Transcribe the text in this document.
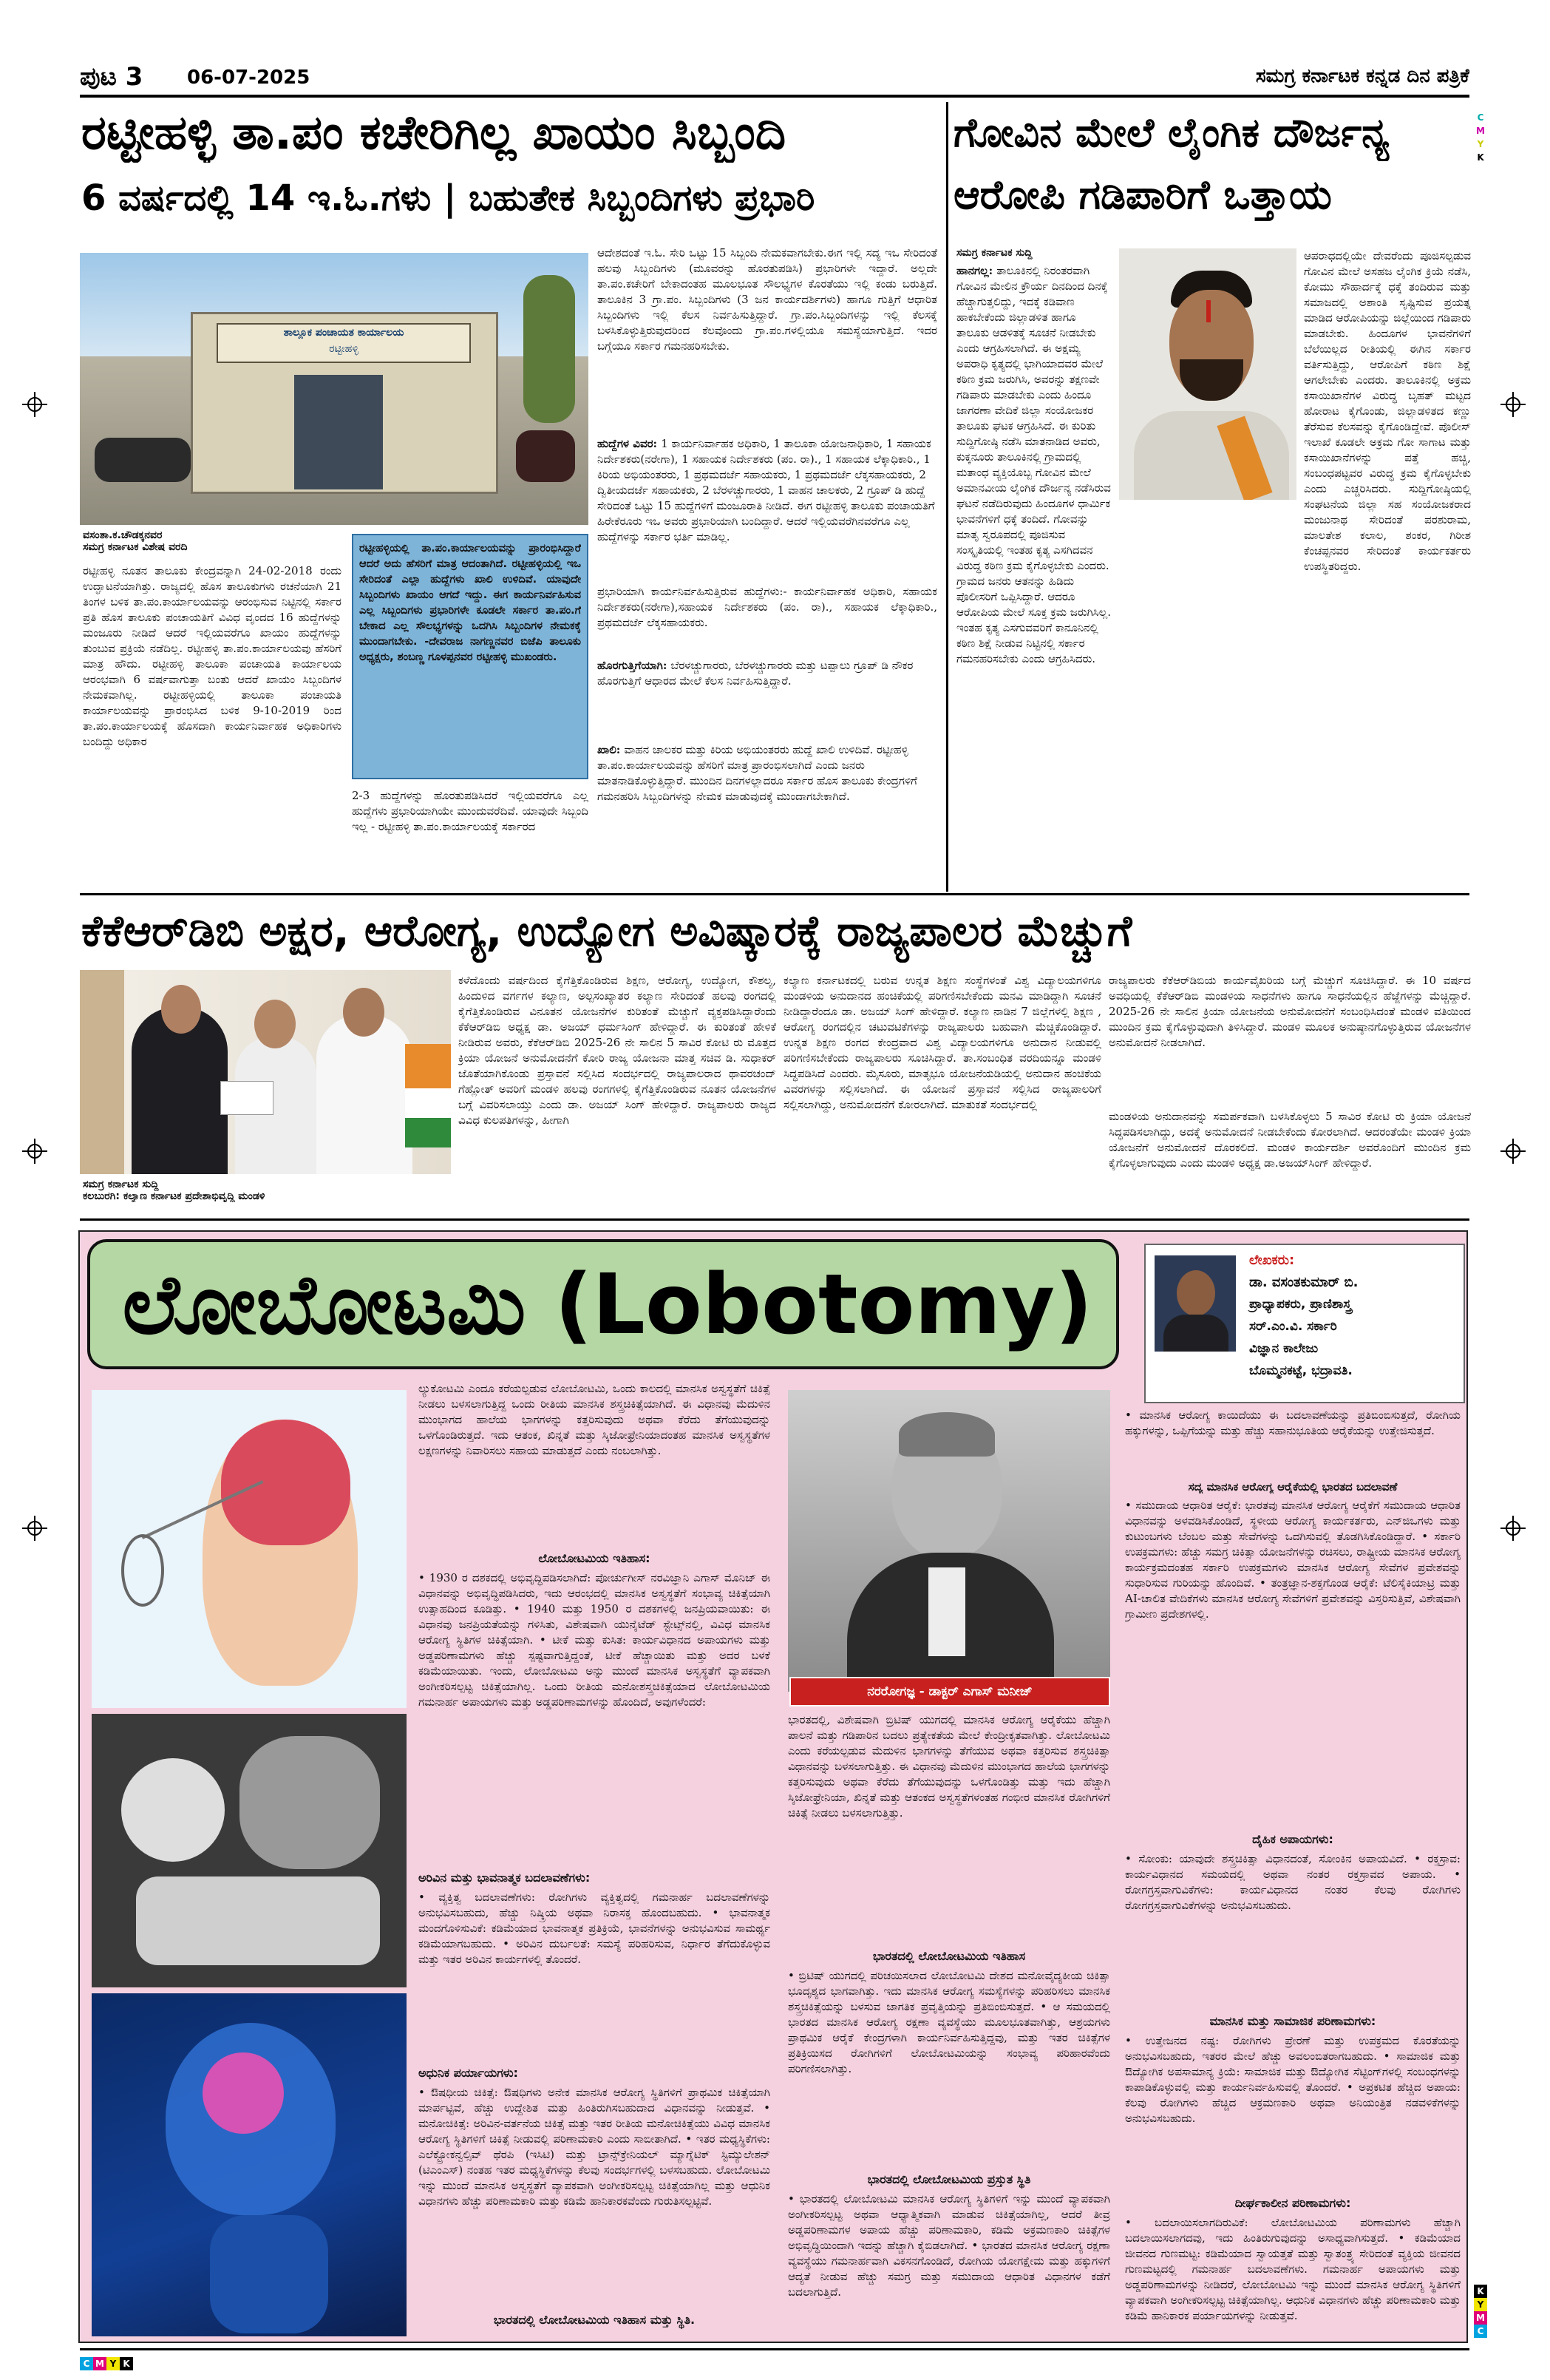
ಪುಟ 3 06-07-2025	ಸಮಗ್ರ ಕರ್ನಾಟಕ ಕನ್ನಡ ದಿನ ಪತ್ರಿಕೆ
C
M
Y
K
ರಟ್ಟೀಹಳ್ಳಿ ತಾ.ಪಂ ಕಚೇರಿಗಿಲ್ಲ ಖಾಯಂ ಸಿಬ್ಬಂದಿ
6 ವರ್ಷದಲ್ಲಿ 14 ಇ.ಓ.ಗಳು | ಬಹುತೇಕ ಸಿಬ್ಬಂದಿಗಳು ಪ್ರಭಾರಿ
ತಾಲ್ಲೂಕ ಪಂಚಾಯತ ಕಾರ್ಯಾಲಯ
ರಟ್ಟೀಹಳ್ಳಿ
ವಸಂತಾ.ಕ.ಚೌಡಕ್ಕನವರ
ಸಮಗ್ರ ಕರ್ನಾಟಕ ವಿಶೇಷ ವರದಿ
ರಟ್ಟೀಹಳ್ಳಿ ನೂತನ ತಾಲೂಕು ಕೇಂದ್ರವನ್ನಾಗಿ 24-02-2018 ರಂದು ಉದ್ಘಾಟನೆಯಾಗಿತ್ತು. ರಾಜ್ಯದಲ್ಲಿ ಹೊಸ ತಾಲೂಕುಗಳು ರಚನೆಯಾಗಿ 21 ತಿಂಗಳ ಬಳಿಕ ತಾ.ಪಂ.ಕಾರ್ಯಾಲಯವನ್ನು ಆರಂಭಿಸುವ ನಿಟ್ಟಿನಲ್ಲಿ ಸರ್ಕಾರ ಪ್ರತಿ ಹೊಸ ತಾಲೂಕು ಪಂಚಾಯತಿಗೆ ವಿವಿಧ ವೃಂದದ 16 ಹುದ್ದೆಗಳನ್ನು ಮಂಜೂರು ನೀಡಿದೆ ಆದರೆ ಇಲ್ಲಿಯವರೆಗೂ ಖಾಯಂ ಹುದ್ದೆಗಳನ್ನು ತುಂಬುವ ಪ್ರಕ್ರಿಯೆ ನಡೆದಿಲ್ಲ. ರಟ್ಟೀಹಳ್ಳಿ ತಾ.ಪಂ.ಕಾರ್ಯಾಲಯವು ಹೆಸರಿಗೆ ಮಾತ್ರ ಹೌದು. ರಟ್ಟೀಹಳ್ಳಿ ತಾಲೂಕಾ ಪಂಚಾಯತಿ ಕಾರ್ಯಾಲಯ ಆರಂಭವಾಗಿ 6 ವರ್ಷವಾಗುತ್ತಾ ಬಂತು ಆದರೆ ಖಾಯಂ ಸಿಬ್ಬಂದಿಗಳ ನೇಮಕವಾಗಿಲ್ಲ. ರಟ್ಟೀಹಳ್ಳಿಯಲ್ಲಿ ತಾಲೂಕಾ ಪಂಚಾಯತಿ ಕಾರ್ಯಾಲಯವನ್ನು ಪ್ರಾರಂಭಿಸಿದ ಬಳಿಕ 9-10-2019 ರಿಂದ ತಾ.ಪಂ.ಕಾರ್ಯಾಲಯಕ್ಕೆ ಹೊಸದಾಗಿ ಕಾರ್ಯನಿರ್ವಾಹಕ ಅಧಿಕಾರಿಗಳು ಬಂದಿದ್ದು ಅಧಿಕಾರ
ರಟ್ಟೀಹಳ್ಳಿಯಲ್ಲಿ ತಾ.ಪಂ.ಕಾರ್ಯಾಲಯವನ್ನು ಪ್ರಾರಂಭಿಸಿದ್ದಾರೆ ಆದರೆ ಅದು ಹೆಸರಿಗೆ ಮಾತ್ರ ಆದಂತಾಗಿದೆ. ರಟ್ಟೀಹಳ್ಳಿಯಲ್ಲಿ ಇಒ ಸೇರಿದಂತೆ ಎಲ್ಲಾ ಹುದ್ದೆಗಳು ಖಾಲಿ ಉಳಿದಿವೆ. ಯಾವುದೇ ಸಿಬ್ಬಂದಿಗಳು ಖಾಯಂ ಆಗದೆ ಇದ್ದು. ಈಗ ಕಾರ್ಯನಿರ್ವಹಿಸುವ ಎಲ್ಲ ಸಿಬ್ಬಂದಿಗಳು ಪ್ರಭಾರಿಗಳೇ ಕೂಡಲೇ ಸರ್ಕಾರ ತಾ.ಪಂ.ಗೆ ಬೇಕಾದ ಎಲ್ಲ ಸೌಲಭ್ಯಗಳನ್ನು ಒದಗಿಸಿ ಸಿಬ್ಬಂದಿಗಳ ನೇಮಕಕ್ಕೆ ಮುಂದಾಗಬೇಕು. -ದೇವರಾಜ ನಾಗಣ್ಣನವರ ಬಿಜೆಪಿ ತಾಲೂಕು ಅಧ್ಯಕ್ಷರು, ಶಂಬಣ್ಣ ಗೂಳಪ್ಪನವರ ರಟ್ಟೀಹಳ್ಳಿ ಮುಖಂಡರು.
2-3 ಹುದ್ದೆಗಳನ್ನು ಹೊರತುಪಡಿಸಿದರೆ ಇಲ್ಲಿಯವರೆಗೂ ಎಲ್ಲ ಹುದ್ದೆಗಳು ಪ್ರಭಾರಿಯಾಗಿಯೇ ಮುಂದುವರೆದಿವೆ. ಯಾವುದೇ ಸಿಬ್ಬಂದಿ ಇಲ್ಲ - ರಟ್ಟೀಹಳ್ಳಿ ತಾ.ಪಂ.ಕಾರ್ಯಾಲಯಕ್ಕೆ ಸರ್ಕಾರದ
ಆದೇಶದಂತೆ ಇ.ಓ. ಸೇರಿ ಒಟ್ಟು 15 ಸಿಬ್ಬಂದಿ ನೇಮಕವಾಗಬೇಕು.ಈಗ ಇಲ್ಲಿ ಸದ್ಯ ಇಒ ಸೇರಿದಂತೆ ಹಲವು ಸಿಬ್ಬಂದಿಗಳು (ಮೂವರನ್ನು ಹೊರತುಪಡಿಸಿ) ಪ್ರಭಾರಿಗಳೇ ಇದ್ದಾರೆ. ಅಲ್ಲದೇ ತಾ.ಪಂ.ಕಚೇರಿಗೆ ಬೇಕಾದಂತಹ ಮೂಲಭೂತ ಸೌಲಭ್ಯಗಳ ಕೊರತೆಯು ಇಲ್ಲಿ ಕಂಡು ಬರುತ್ತಿದೆ. ತಾಲೂಕಿನ 3 ಗ್ರಾ.ಪಂ. ಸಿಬ್ಬಂದಿಗಳು (3 ಜನ ಕಾರ್ಯದರ್ಶಿಗಳು) ಹಾಗೂ ಗುತ್ತಿಗೆ ಆಧಾರಿತ ಸಿಬ್ಬಂದಿಗಳು ಇಲ್ಲಿ ಕೆಲಸ ನಿರ್ವಹಿಸುತ್ತಿದ್ದಾರೆ. ಗ್ರಾ.ಪಂ.ಸಿಬ್ಬಂದಿಗಳನ್ನು ಇಲ್ಲಿ ಕೆಲಸಕ್ಕೆ ಬಳಸಿಕೊಳ್ಳುತ್ತಿರುವುದರಿಂದ ಕೆಲವೊಂದು ಗ್ರಾ.ಪಂ.ಗಳಲ್ಲಿಯೂ ಸಮಸ್ಯೆಯಾಗುತ್ತಿದೆ. ಇದರ ಬಗ್ಗೆಯೂ ಸರ್ಕಾರ ಗಮನಹರಿಸಬೇಕು.
ಹುದ್ದೆಗಳ ವಿವರ: 1 ಕಾರ್ಯನಿರ್ವಾಹಕ ಅಧಿಕಾರಿ, 1 ತಾಲೂಕಾ ಯೋಜನಾಧಿಕಾರಿ, 1 ಸಹಾಯಕ ನಿರ್ದೇಶಕರು(ನರೇಗಾ), 1 ಸಹಾಯಕ ನಿರ್ದೇಶಕರು (ಪಂ. ರಾ)., 1 ಸಹಾಯಕ ಲೆಕ್ಕಾಧಿಕಾರಿ., 1 ಕಿರಿಯ ಅಭಿಯಂತರರು, 1 ಪ್ರಥಮದರ್ಜೆ ಸಹಾಯಕರು, 1 ಪ್ರಥಮದರ್ಜೆ ಲೆಕ್ಕಸಹಾಯಕರು, 2 ದ್ವಿತೀಯದರ್ಜೆ ಸಹಾಯಕರು, 2 ಬೆರಳಚ್ಚುಗಾರರು, 1 ವಾಹನ ಚಾಲಕರು, 2 ಗ್ರೂಪ್ ಡಿ ಹುದ್ದೆ ಸೇರಿದಂತೆ ಒಟ್ಟು 15 ಹುದ್ದೆಗಳಿಗೆ ಮಂಜೂರಾತಿ ನೀಡಿದೆ. ಈಗ ರಟ್ಟೀಹಳ್ಳಿ ತಾಲೂಕು ಪಂಚಾಯತಿಗೆ ಹಿರೇಕೆರೂರು ಇಒ ಅವರು ಪ್ರಭಾರಿಯಾಗಿ ಬಂದಿದ್ದಾರೆ. ಆದರೆ ಇಲ್ಲಿಯವರೆಗಿನವರೆಗೂ ಎಲ್ಲ ಹುದ್ದೆಗಳನ್ನು ಸರ್ಕಾರ ಭರ್ತಿ ಮಾಡಿಲ್ಲ.
ಪ್ರಭಾರಿಯಾಗಿ ಕಾರ್ಯನಿರ್ವಹಿಸುತ್ತಿರುವ ಹುದ್ದೆಗಳು:- ಕಾರ್ಯನಿರ್ವಾಹಕ ಅಧಿಕಾರಿ, ಸಹಾಯಕ ನಿರ್ದೇಶಕರು(ನರೇಗಾ),ಸಹಾಯಕ ನಿರ್ದೇಶಕರು (ಪಂ. ರಾ)., ಸಹಾಯಕ ಲೆಕ್ಕಾಧಿಕಾರಿ., ಪ್ರಥಮದರ್ಜೆ ಲೆಕ್ಕಸಹಾಯಕರು.
ಹೊರಗುತ್ತಿಗೆಯಾಗಿ: ಬೆರಳಚ್ಚುಗಾರರು, ಬೆರಳಚ್ಚುಗಾರರು ಮತ್ತು ಟಪ್ಪಾಲು ಗ್ರೂಪ್ ಡಿ ನೌಕರ ಹೊರಗುತ್ತಿಗೆ ಆಧಾರದ ಮೇಲೆ ಕೆಲಸ ನಿರ್ವಹಿಸುತ್ತಿದ್ದಾರೆ.
ಖಾಲಿ: ವಾಹನ ಚಾಲಕರ ಮತ್ತು ಕಿರಿಯ ಅಭಿಯಂತರರು ಹುದ್ದೆ ಖಾಲಿ ಉಳಿದಿವೆ. ರಟ್ಟೀಹಳ್ಳಿ ತಾ.ಪಂ.ಕಾರ್ಯಾಲಯವನ್ನು ಹೆಸರಿಗೆ ಮಾತ್ರ ಪ್ರಾರಂಭಿಸಲಾಗಿದೆ ಎಂದು ಜನರು ಮಾತನಾಡಿಕೊಳ್ಳುತ್ತಿದ್ದಾರೆ. ಮುಂದಿನ ದಿನಗಳಲ್ಲಾದರೂ ಸರ್ಕಾರ ಹೊಸ ತಾಲೂಕು ಕೇಂದ್ರಗಳಿಗೆ ಗಮನಹರಿಸಿ ಸಿಬ್ಬಂದಿಗಳನ್ನು ನೇಮಕ ಮಾಡುವುದಕ್ಕೆ ಮುಂದಾಗಬೇಕಾಗಿದೆ.
ಗೋವಿನ ಮೇಲೆ ಲೈಂಗಿಕ ದೌರ್ಜನ್ಯ
ಆರೋಪಿ ಗಡಿಪಾರಿಗೆ ಒತ್ತಾಯ
ಸಮಗ್ರ ಕರ್ನಾಟಕ ಸುದ್ದಿ
ಹಾನಗಲ್ಲ: ತಾಲೂಕಿನಲ್ಲಿ ನಿರಂತರವಾಗಿ ಗೋವಿನ ಮೇಲಿನ ಕ್ರೌರ್ಯ ದಿನದಿಂದ ದಿನಕ್ಕೆ ಹೆಚ್ಚಾಗುತ್ತಲಿದ್ದು, ಇದಕ್ಕೆ ಕಡಿವಾಣ ಹಾಕಬೇಕೆಂದು ಜಿಲ್ಲಾಡಳಿತ ಹಾಗೂ ತಾಲೂಕು ಆಡಳಿತಕ್ಕೆ ಸೂಚನೆ ನೀಡಬೇಕು ಎಂದು ಆಗ್ರಹಿಸಲಾಗಿದೆ. ಈ ಅಕ್ಷಮ್ಯ ಅಪರಾಧಿ ಕೃತ್ಯದಲ್ಲಿ ಭಾಗಿಯಾದವರ ಮೇಲೆ ಕಠಿಣ ಕ್ರಮ ಜರುಗಿಸಿ, ಅವರನ್ನು ತಕ್ಷಣವೇ ಗಡಿಪಾರು ಮಾಡಬೇಕು ಎಂದು ಹಿಂದೂ ಜಾಗರಣಾ ವೇದಿಕೆ ಜಿಲ್ಲಾ ಸಂಯೋಜಕರ ತಾಲೂಕು ಘಟಕ ಆಗ್ರಹಿಸಿದೆ. ಈ ಕುರಿತು ಸುದ್ದಿಗೋಷ್ಠಿ ನಡೆಸಿ ಮಾತನಾಡಿದ ಅವರು, ಕುಕ್ಕನೂರು ತಾಲೂಕಿನಲ್ಲಿ ಗ್ರಾಮದಲ್ಲಿ ಮತಾಂಧ ವ್ಯಕ್ತಿಯೊಬ್ಬ ಗೋವಿನ ಮೇಲೆ ಅಮಾನವೀಯ ಲೈಂಗಿಕ ದೌರ್ಜನ್ಯ ನಡೆಸಿರುವ ಘಟನೆ ನಡೆದಿರುವುದು ಹಿಂದೂಗಳ ಧಾರ್ಮಿಕ ಭಾವನೆಗಳಿಗೆ ಧಕ್ಕೆ ತಂದಿದೆ. ಗೋವನ್ನು ಮಾತೃ ಸ್ವರೂಪದಲ್ಲಿ ಪೂಜಿಸುವ ಸಂಸ್ಕೃತಿಯಲ್ಲಿ ಇಂತಹ ಕೃತ್ಯ ಎಸಗಿದವನ ವಿರುದ್ಧ ಕಠಿಣ ಕ್ರಮ ಕೈಗೊಳ್ಳಬೇಕು ಎಂದರು. ಗ್ರಾಮದ ಜನರು ಆತನನ್ನು ಹಿಡಿದು ಪೊಲೀಸರಿಗೆ ಒಪ್ಪಿಸಿದ್ದಾರೆ. ಆದರೂ ಆರೋಪಿಯ ಮೇಲೆ ಸೂಕ್ತ ಕ್ರಮ ಜರುಗಿಸಿಲ್ಲ. ಇಂತಹ ಕೃತ್ಯ ಎಸಗುವವರಿಗೆ ಕಾನೂನಿನಲ್ಲಿ ಕಠಿಣ ಶಿಕ್ಷೆ ನೀಡುವ ನಿಟ್ಟಿನಲ್ಲಿ ಸರ್ಕಾರ ಗಮನಹರಿಸಬೇಕು ಎಂದು ಆಗ್ರಹಿಸಿದರು.
ಆಪರಾಧದಲ್ಲಿಯೇ ದೇವರೆಂದು ಪೂಜಿಸಲ್ಪಡುವ ಗೋವಿನ ಮೇಲೆ ಅಸಹಜ ಲೈಂಗಿಕ ಕ್ರಿಯೆ ನಡೆಸಿ, ಕೋಮು ಸೌಹಾರ್ದಕ್ಕೆ ಧಕ್ಕೆ ತಂದಿರುವ ಮತ್ತು ಸಮಾಜದಲ್ಲಿ ಅಶಾಂತಿ ಸೃಷ್ಟಿಸುವ ಪ್ರಯತ್ನ ಮಾಡಿದ ಆರೋಪಿಯನ್ನು ಜಿಲ್ಲೆಯಿಂದ ಗಡಿಪಾರು ಮಾಡಬೇಕು. ಹಿಂದೂಗಳ ಭಾವನೆಗಳಿಗೆ ಬೆಲೆಯಿಲ್ಲದ ರೀತಿಯಲ್ಲಿ ಈಗಿನ ಸರ್ಕಾರ ವರ್ತಿಸುತ್ತಿದ್ದು, ಆರೋಪಿಗೆ ಕಠಿಣ ಶಿಕ್ಷೆ ಆಗಲೇಬೇಕು ಎಂದರು. ತಾಲೂಕಿನಲ್ಲಿ ಅಕ್ರಮ ಕಸಾಯಿಖಾನೆಗಳ ವಿರುದ್ಧ ಬೃಹತ್ ಮಟ್ಟದ ಹೋರಾಟ ಕೈಗೊಂಡು, ಜಿಲ್ಲಾಡಳಿತದ ಕಣ್ಣು ತೆರೆಸುವ ಕೆಲಸವನ್ನು ಕೈಗೊಂಡಿದ್ದೇವೆ. ಪೊಲೀಸ್ ಇಲಾಖೆ ಕೂಡಲೇ ಅಕ್ರಮ ಗೋ ಸಾಗಾಟ ಮತ್ತು ಕಸಾಯಿಖಾನೆಗಳನ್ನು ಪತ್ತೆ ಹಚ್ಚಿ, ಸಂಬಂಧಪಟ್ಟವರ ವಿರುದ್ಧ ಕ್ರಮ ಕೈಗೊಳ್ಳಬೇಕು ಎಂದು ಎಚ್ಚರಿಸಿದರು. ಸುದ್ದಿಗೋಷ್ಠಿಯಲ್ಲಿ ಸಂಘಟನೆಯ ಜಿಲ್ಲಾ ಸಹ ಸಂಯೋಜಕರಾದ ಮಂಜುನಾಥ ಸೇರಿದಂತೆ ಪರಶುರಾಮ, ಮಾಲತೇಶ ಕಲಾಲ, ಶಂಕರ, ಗಿರೀಶ ಕೆಂಚಪ್ಪನವರ ಸೇರಿದಂತೆ ಕಾರ್ಯಕರ್ತರು ಉಪಸ್ಥಿತರಿದ್ದರು.
ಕೆಕೆಆರ್‌ಡಿಬಿ ಅಕ್ಷರ, ಆರೋಗ್ಯ, ಉದ್ಯೋಗ ಅವಿಷ್ಕಾರಕ್ಕೆ ರಾಜ್ಯಪಾಲರ ಮೆಚ್ಚುಗೆ
ಸಮಗ್ರ ಕರ್ನಾಟಕ ಸುದ್ದಿ
ಕಲಬುರಗಿ: ಕಲ್ಯಾಣ ಕರ್ನಾಟಕ ಪ್ರದೇಶಾಭಿವೃದ್ಧಿ ಮಂಡಳಿ
ಕಳೆದೊಂದು ವರ್ಷದಿಂದ ಕೈಗೆತ್ತಿಕೊಂಡಿರುವ ಶಿಕ್ಷಣ, ಆರೋಗ್ಯ, ಉದ್ಯೋಗ, ಕೌಶಲ್ಯ, ಹಿಂದುಳಿದ ವರ್ಗಗಳ ಕಲ್ಯಾಣ, ಅಲ್ಪಸಂಖ್ಯಾತರ ಕಲ್ಯಾಣ ಸೇರಿದಂತೆ ಹಲವು ರಂಗದಲ್ಲಿ ಕೈಗೆತ್ತಿಕೊಂಡಿರುವ ವಿನೂತನ ಯೋಜನೆಗಳ ಕುರಿತಂತೆ ಮೆಚ್ಚುಗೆ ವ್ಯಕ್ತಪಡಿಸಿದ್ದಾರೆಂದು ಕೆಕೆಆರ್‌ಡಿಬಿ ಅಧ್ಯಕ್ಷ ಡಾ. ಅಜಯ್ ಧರ್ಮಸಿಂಗ್ ಹೇಳಿದ್ದಾರೆ. ಈ ಕುರಿತಂತೆ ಹೇಳಿಕೆ ನೀಡಿರುವ ಅವರು, ಕೆಕೆಆರ್‌ಡಿಬಿ 2025-26 ನೇ ಸಾಲಿನ 5 ಸಾವಿರ ಕೋಟಿ ರು ಮೊತ್ತದ ಕ್ರಿಯಾ ಯೋಜನೆ ಅನುಮೋದನೆಗೆ ಕೋರಿ ರಾಜ್ಯ ಯೋಜನಾ ಮಾತ್ತ ಸಚಿವ ಡಿ. ಸುಧಾಕರ್ ಜೊತೆಯಾಗಿಕೊಂಡು ಪ್ರಸ್ತಾವನೆ ಸಲ್ಲಿಸಿದ ಸಂದರ್ಭದಲ್ಲಿ ರಾಜ್ಯಪಾಲರಾದ ಥಾವರಚಂದ್ ಗೆಹ್ಲೋತ್ ಅವರಿಗೆ ಮಂಡಳಿ ಹಲವು ರಂಗಗಳಲ್ಲಿ ಕೈಗೆತ್ತಿಕೊಂಡಿರುವ ನೂತನ ಯೋಜನೆಗಳ ಬಗ್ಗೆ ವಿವರಿಸಲಾಯ್ತು ಎಂದು ಡಾ. ಅಜಯ್ ಸಿಂಗ್ ಹೇಳಿದ್ದಾರೆ. ರಾಜ್ಯಪಾಲರು ರಾಜ್ಯದ ವಿವಿಧ ಕುಲಪತಿಗಳನ್ನು, ಹೀಗಾಗಿ
ಕಲ್ಯಾಣ ಕರ್ನಾಟಕದಲ್ಲಿ ಬರುವ ಉನ್ನತ ಶಿಕ್ಷಣ ಸಂಸ್ಥೆಗಳಂತೆ ವಿಶ್ವ ವಿದ್ಯಾಲಯಗಳಿಗೂ ಮಂಡಳಿಯ ಅನುದಾನದ ಹಂಚಿಕೆಯಲ್ಲಿ ಪರಿಗಣಿಸಬೇಕೆಂದು ಮನವಿ ಮಾಡಿದ್ದಾಗಿ ಸೂಚನೆ ನೀಡಿದ್ದಾರೆಂದೂ ಡಾ. ಅಜಯ್ ಸಿಂಗ್ ಹೇಳಿದ್ದಾರೆ. ಕಲ್ಯಾಣ ನಾಡಿನ 7 ಜಿಲ್ಲೆಗಳಲ್ಲಿ ಶಿಕ್ಷಣ , ಆರೋಗ್ಯ ರಂಗದಲ್ಲಿನ ಚಟುವಟಿಕೆಗಳನ್ನು ರಾಜ್ಯಪಾಲರು ಬಹುವಾಗಿ ಮೆಚ್ಚಿಕೊಂಡಿದ್ದಾರೆ. ಉನ್ನತ ಶಿಕ್ಷಣ ರಂಗದ ಕೇಂದ್ರವಾದ ವಿಶ್ವ ವಿದ್ಯಾಲಯಗಳಿಗೂ ಅನುದಾನ ನೀಡುವಲ್ಲಿ ಪರಿಗಣಿಸಬೇಕೆಂದು ರಾಜ್ಯಪಾಲರು ಸೂಚಿಸಿದ್ದಾರೆ. ತಾ.ಸಂಬಂಧಿತ ವರದಿಯನ್ನೂ ಮಂಡಳಿ ಸಿದ್ಧಪಡಿಸಿದೆ ಎಂದರು. ಮೈಸೂರು, ಮಾತೃಭೂ ಯೋಜನೆಯಡಿಯಲ್ಲಿ ಅನುದಾನ ಹಂಚಿಕೆಯ ವಿವರಗಳನ್ನು ಸಲ್ಲಿಸಲಾಗಿದೆ. ಈ ಯೋಜನೆ ಪ್ರಸ್ತಾವನೆ ಸಲ್ಲಿಸಿದ ರಾಜ್ಯಪಾಲರಿಗೆ ಸಲ್ಲಿಸಲಾಗಿದ್ದು, ಅನುಮೋದನೆಗೆ ಕೋರಲಾಗಿದೆ. ಮಾತುಕತೆ ಸಂದರ್ಭದಲ್ಲಿ
ರಾಜ್ಯಪಾಲರು ಕೆಕೆಆರ್‌ಡಿಬಿಯ ಕಾರ್ಯವೈಖರಿಯ ಬಗ್ಗೆ ಮೆಚ್ಚುಗೆ ಸೂಚಿಸಿದ್ದಾರೆ. ಈ 10 ವರ್ಷದ ಅವಧಿಯಲ್ಲಿ ಕೆಕೆಆರ್‌ಡಿಬಿ ಮಂಡಳಿಯ ಸಾಧನೆಗಳು ಹಾಗೂ ಸಾಧನೆಯಲ್ಲಿನ ಹೆಜ್ಜೆಗಳನ್ನು ಮೆಚ್ಚಿದ್ದಾರೆ. 2025-26 ನೇ ಸಾಲಿನ ಕ್ರಿಯಾ ಯೋಜನೆಯ ಅನುಮೋದನೆಗೆ ಸಂಬಂಧಿಸಿದಂತೆ ಮಂಡಳಿ ವತಿಯಿಂದ ಮುಂದಿನ ಕ್ರಮ ಕೈಗೊಳ್ಳುವುದಾಗಿ ತಿಳಿಸಿದ್ದಾರೆ. ಮಂಡಳಿ ಮೂಲಕ ಅನುಷ್ಠಾನಗೊಳ್ಳುತ್ತಿರುವ ಯೋಜನೆಗಳ ಅನುಮೋದನೆ ನೀಡಲಾಗಿದೆ.
ಮಂಡಳಿಯ ಅನುದಾನವನ್ನು ಸಮರ್ಪಕವಾಗಿ ಬಳಸಿಕೊಳ್ಳಲು 5 ಸಾವಿರ ಕೋಟಿ ರು ಕ್ರಿಯಾ ಯೋಜನೆ ಸಿದ್ಧಪಡಿಸಲಾಗಿದ್ದು, ಅದಕ್ಕೆ ಅನುಮೋದನೆ ನೀಡಬೇಕೆಂದು ಕೋರಲಾಗಿದೆ. ಆದರಂತೆಯೇ ಮಂಡಳಿ ಕ್ರಿಯಾ ಯೋಜನೆಗೆ ಅನುಮೋದನೆ ದೊರಕಲಿದೆ. ಮಂಡಳಿ ಕಾರ್ಯದರ್ಶಿ ಅವರೊಂದಿಗೆ ಮುಂದಿನ ಕ್ರಮ ಕೈಗೊಳ್ಳಲಾಗುವುದು ಎಂದು ಮಂಡಳಿ ಅಧ್ಯಕ್ಷ ಡಾ.ಅಜಯ್‌ಸಿಂಗ್ ಹೇಳಿದ್ದಾರೆ.
ಲೋಬೋಟಮಿ (Lobotomy)	ಲೇಖಕರು:
ಡಾ. ವಸಂತಕುಮಾರ್ ಬಿ.
ಪ್ರಾಧ್ಯಾಪಕರು, ಪ್ರಾಣಿಶಾಸ್ತ್ರ
ಸರ್.ಎಂ.ವಿ. ಸರ್ಕಾರಿ
ವಿಜ್ಞಾನ ಕಾಲೇಜು
ಬೊಮ್ಮನಕಟ್ಟೆ, ಭದ್ರಾವತಿ.
ಲ್ಯುಕೋಟಮಿ ಎಂದೂ ಕರೆಯಲ್ಪಡುವ ಲೋಬೋಟಮಿ, ಒಂದು ಕಾಲದಲ್ಲಿ ಮಾನಸಿಕ ಅಸ್ವಸ್ಥತೆಗೆ ಚಿಕಿತ್ಸೆ ನೀಡಲು ಬಳಸಲಾಗುತ್ತಿದ್ದ ಒಂದು ರೀತಿಯ ಮಾನಸಿಕ ಶಸ್ತ್ರಚಿಕಿತ್ಸೆಯಾಗಿದೆ. ಈ ವಿಧಾನವು ಮೆದುಳಿನ ಮುಂಭಾಗದ ಹಾಲೆಯ ಭಾಗಗಳನ್ನು ಕತ್ತರಿಸುವುದು ಅಥವಾ ಕೆರೆದು ತೆಗೆಯುವುದನ್ನು ಒಳಗೊಂಡಿರುತ್ತದೆ. ಇದು ಆತಂಕ, ಖಿನ್ನತೆ ಮತ್ತು ಸ್ಕಿಜೋಫ್ರೇನಿಯಾದಂತಹ ಮಾನಸಿಕ ಅಸ್ವಸ್ಥತೆಗಳ ಲಕ್ಷಣಗಳನ್ನು ನಿವಾರಿಸಲು ಸಹಾಯ ಮಾಡುತ್ತದೆ ಎಂದು ನಂಬಲಾಗಿತ್ತು.
ಲೋಬೋಟಮಿಯ ಇತಿಹಾಸ:
• 1930 ರ ದಶಕದಲ್ಲಿ ಅಭಿವೃದ್ಧಿಪಡಿಸಲಾಗಿದೆ: ಪೋರ್ಚುಗೀಸ್ ನರವಿಜ್ಞಾನಿ ಎಗಾಸ್ ಮೊನಿಜ್ ಈ ವಿಧಾನವನ್ನು ಅಭಿವೃದ್ಧಿಪಡಿಸಿದರು, ಇದು ಆರಂಭದಲ್ಲಿ ಮಾನಸಿಕ ಅಸ್ವಸ್ಥತೆಗೆ ಸಂಭಾವ್ಯ ಚಿಕಿತ್ಸೆಯಾಗಿ ಉತ್ಸಾಹದಿಂದ ಕೂಡಿತ್ತು. • 1940 ಮತ್ತು 1950 ರ ದಶಕಗಳಲ್ಲಿ ಜನಪ್ರಿಯವಾಯಿತು: ಈ ವಿಧಾನವು ಜನಪ್ರಿಯತೆಯನ್ನು ಗಳಿಸಿತು, ವಿಶೇಷವಾಗಿ ಯುನೈಟೆಡ್ ಸ್ಟೇಟ್ಸ್‌ನಲ್ಲಿ, ವಿವಿಧ ಮಾನಸಿಕ ಆರೋಗ್ಯ ಸ್ಥಿತಿಗಳ ಚಿಕಿತ್ಸೆಯಾಗಿ. • ಟೀಕೆ ಮತ್ತು ಕುಸಿತ: ಕಾರ್ಯವಿಧಾನದ ಅಪಾಯಗಳು ಮತ್ತು ಅಡ್ಡಪರಿಣಾಮಗಳು ಹೆಚ್ಚು ಸ್ಪಷ್ಟವಾಗುತ್ತಿದ್ದಂತೆ, ಟೀಕೆ ಹೆಚ್ಚಾಯಿತು ಮತ್ತು ಅದರ ಬಳಕೆ ಕಡಿಮೆಯಾಯಿತು. ಇಂದು, ಲೋಬೋಟಮಿ ಅನ್ನು ಮುಂದೆ ಮಾನಸಿಕ ಅಸ್ವಸ್ಥತೆಗೆ ವ್ಯಾಪಕವಾಗಿ ಅಂಗೀಕರಿಸಲ್ಪಟ್ಟ ಚಿಕಿತ್ಸೆಯಾಗಿಲ್ಲ. ಒಂದು ರೀತಿಯ ಮನೋಶಸ್ತ್ರಚಿಕಿತ್ಸೆಯಾದ ಲೋಬೋಟಮಿಯ ಗಮನಾರ್ಹ ಅಪಾಯಗಳು ಮತ್ತು ಅಡ್ಡಪರಿಣಾಮಗಳನ್ನು ಹೊಂದಿದೆ, ಅವುಗಳೆಂದರೆ:
ಅರಿವಿನ ಮತ್ತು ಭಾವನಾತ್ಮಕ ಬದಲಾವಣೆಗಳು:
• ವ್ಯಕ್ತಿತ್ವ ಬದಲಾವಣೆಗಳು: ರೋಗಿಗಳು ವ್ಯಕ್ತಿತ್ವದಲ್ಲಿ ಗಮನಾರ್ಹ ಬದಲಾವಣೆಗಳನ್ನು ಅನುಭವಿಸಬಹುದು, ಹೆಚ್ಚು ನಿಷ್ಕ್ರಿಯ ಅಥವಾ ನಿರಾಸಕ್ತ ಹೊಂದಬಹುದು. • ಭಾವನಾತ್ಮಕ ಮಂದಗೊಳಿಸುವಿಕೆ: ಕಡಿಮೆಯಾದ ಭಾವನಾತ್ಮಕ ಪ್ರತಿಕ್ರಿಯೆ, ಭಾವನೆಗಳನ್ನು ಅನುಭವಿಸುವ ಸಾಮರ್ಥ್ಯ ಕಡಿಮೆಯಾಗಬಹುದು. • ಅರಿವಿನ ದುರ್ಬಲತೆ: ಸಮಸ್ಯೆ ಪರಿಹರಿಸುವ, ನಿರ್ಧಾರ ತೆಗೆದುಕೊಳ್ಳುವ ಮತ್ತು ಇತರ ಅರಿವಿನ ಕಾರ್ಯಗಳಲ್ಲಿ ತೊಂದರೆ.
ಅಧುನಿಕ ಪರ್ಯಾಯಗಳು:
• ಔಷಧೀಯ ಚಿಕಿತ್ಸೆ: ಔಷಧಿಗಳು ಅನೇಕ ಮಾನಸಿಕ ಆರೋಗ್ಯ ಸ್ಥಿತಿಗಳಿಗೆ ಪ್ರಾಥಮಿಕ ಚಿಕಿತ್ಸೆಯಾಗಿ ಮಾರ್ಪಟ್ಟಿವೆ, ಹೆಚ್ಚು ಉದ್ದೇಶಿತ ಮತ್ತು ಹಿಂತಿರುಗಿಸಬಹುದಾದ ವಿಧಾನವನ್ನು ನೀಡುತ್ತವೆ. • ಮನೋಚಿಕಿತ್ಸೆ: ಅರಿವಿನ-ವರ್ತನೆಯ ಚಿಕಿತ್ಸೆ ಮತ್ತು ಇತರ ರೀತಿಯ ಮನೋಚಿಕಿತ್ಸೆಯು ವಿವಿಧ ಮಾನಸಿಕ ಆರೋಗ್ಯ ಸ್ಥಿತಿಗಳಿಗೆ ಚಿಕಿತ್ಸೆ ನೀಡುವಲ್ಲಿ ಪರಿಣಾಮಕಾರಿ ಎಂದು ಸಾಬೀತಾಗಿದೆ. • ಇತರ ಮಧ್ಯಸ್ಥಿಕೆಗಳು: ಎಲೆಕ್ಟ್ರೋಕನ್ವಲ್ಸಿವ್ ಥೆರಪಿ (ಇಸಿಟಿ) ಮತ್ತು ಟ್ರಾನ್ಸ್‌ಕ್ರೇನಿಯಲ್ ಮ್ಯಾಗ್ನೆಟಿಕ್ ಸ್ಟಿಮ್ಯುಲೇಶನ್ (ಟಿಎಂಎಸ್) ನಂತಹ ಇತರ ಮಧ್ಯಸ್ಥಿಕೆಗಳನ್ನು ಕೆಲವು ಸಂದರ್ಭಗಳಲ್ಲಿ ಬಳಸಬಹುದು. ಲೋಬೋಟಮಿ ಇನ್ನು ಮುಂದೆ ಮಾನಸಿಕ ಅಸ್ವಸ್ಥತೆಗೆ ವ್ಯಾಪಕವಾಗಿ ಅಂಗೀಕರಿಸಲ್ಪಟ್ಟ ಚಿಕಿತ್ಸೆಯಾಗಿಲ್ಲ ಮತ್ತು ಆಧುನಿಕ ವಿಧಾನಗಳು ಹೆಚ್ಚು ಪರಿಣಾಮಕಾರಿ ಮತ್ತು ಕಡಿಮೆ ಹಾನಿಕಾರಕವೆಂದು ಗುರುತಿಸಲ್ಪಟ್ಟಿವೆ.
ಭಾರತದಲ್ಲಿ ಲೋಬೋಟಮಿಯ ಇತಿಹಾಸ ಮತ್ತು ಸ್ಥಿತಿ.
ನರರೋಗಜ್ಞ - ಡಾಕ್ಟರ್ ಎಗಾಸ್ ಮನೀಜ್
ಭಾರತದಲ್ಲಿ, ವಿಶೇಷವಾಗಿ ಬ್ರಿಟಿಷ್ ಯುಗದಲ್ಲಿ ಮಾನಸಿಕ ಆರೋಗ್ಯ ಆರೈಕೆಯು ಹೆಚ್ಚಾಗಿ ಪಾಲನೆ ಮತ್ತು ಗಡಿಪಾರಿನ ಬದಲು ಪ್ರತ್ಯೇಕತೆಯ ಮೇಲೆ ಕೇಂದ್ರೀಕೃತವಾಗಿತ್ತು. ಲೋಬೋಟಮಿ ಎಂದು ಕರೆಯಲ್ಪಡುವ ಮೆದುಳಿನ ಭಾಗಗಳನ್ನು ತೆಗೆಯುವ ಅಥವಾ ಕತ್ತರಿಸುವ ಶಸ್ತ್ರಚಿಕಿತ್ಸಾ ವಿಧಾನವನ್ನು ಬಳಸಲಾಗುತ್ತಿತ್ತು. ಈ ವಿಧಾನವು ಮೆದುಳಿನ ಮುಂಭಾಗದ ಹಾಲೆಯ ಭಾಗಗಳನ್ನು ಕತ್ತರಿಸುವುದು ಅಥವಾ ಕೆರೆದು ತೆಗೆಯುವುದನ್ನು ಒಳಗೊಂಡಿತ್ತು ಮತ್ತು ಇದು ಹೆಚ್ಚಾಗಿ ಸ್ಕಿಜೋಫ್ರೇನಿಯಾ, ಖಿನ್ನತೆ ಮತ್ತು ಆತಂಕದ ಅಸ್ವಸ್ಥತೆಗಳಂತಹ ಗಂಭೀರ ಮಾನಸಿಕ ರೋಗಿಗಳಿಗೆ ಚಿಕಿತ್ಸೆ ನೀಡಲು ಬಳಸಲಾಗುತ್ತಿತ್ತು.
ಭಾರತದಲ್ಲಿ ಲೋಬೋಟಮಿಯ ಇತಿಹಾಸ
• ಬ್ರಿಟಿಷ್ ಯುಗದಲ್ಲಿ ಪರಿಚಯಿಸಲಾದ ಲೋಬೋಟಮಿ ದೇಶದ ಮನೋವೈದ್ಯಕೀಯ ಚಿಕಿತ್ಸಾ ಭೂದೃಶ್ಯದ ಭಾಗವಾಗಿತ್ತು. ಇದು ಮಾನಸಿಕ ಆರೋಗ್ಯ ಸಮಸ್ಯೆಗಳನ್ನು ಪರಿಹರಿಸಲು ಮಾನಸಿಕ ಶಸ್ತ್ರಚಿಕಿತ್ಸೆಯನ್ನು ಬಳಸುವ ಜಾಗತಿಕ ಪ್ರವೃತ್ತಿಯನ್ನು ಪ್ರತಿಬಿಂಬಿಸುತ್ತದೆ. • ಆ ಸಮಯದಲ್ಲಿ ಭಾರತದ ಮಾನಸಿಕ ಆರೋಗ್ಯ ರಕ್ಷಣಾ ವ್ಯವಸ್ಥೆಯು ಮೂಲಭೂತವಾಗಿತ್ತು, ಆಶ್ರಯಗಳು ಪ್ರಾಥಮಿಕ ಆರೈಕೆ ಕೇಂದ್ರಗಳಾಗಿ ಕಾರ್ಯನಿರ್ವಹಿಸುತ್ತಿದ್ದವು, ಮತ್ತು ಇತರ ಚಿಕಿತ್ಸೆಗಳ ಪ್ರತಿಕ್ರಿಯಿಸದ ರೋಗಿಗಳಿಗೆ ಲೋಬೋಟಮಿಯನ್ನು ಸಂಭಾವ್ಯ ಪರಿಹಾರವೆಂದು ಪರಿಗಣಿಸಲಾಗಿತ್ತು.
ಭಾರತದಲ್ಲಿ ಲೋಬೋಟಮಿಯ ಪ್ರಸ್ತುತ ಸ್ಥಿತಿ
• ಭಾರತದಲ್ಲಿ ಲೋಬೋಟಮಿ ಮಾನಸಿಕ ಆರೋಗ್ಯ ಸ್ಥಿತಿಗಳಿಗೆ ಇನ್ನು ಮುಂದೆ ವ್ಯಾಪಕವಾಗಿ ಅಂಗೀಕರಿಸಲ್ಪಟ್ಟ ಅಥವಾ ಆಧ್ಯಾತ್ಮಿಕವಾಗಿ ಮಾಡುವ ಚಿಕಿತ್ಸೆಯಾಗಿಲ್ಲ, ಆದರೆ ತೀವ್ರ ಅಡ್ಡಪರಿಣಾಮಗಳ ಅಪಾಯ ಹೆಚ್ಚು ಪರಿಣಾಮಕಾರಿ, ಕಡಿಮೆ ಅಕ್ರಮಣಕಾರಿ ಚಿಕಿತ್ಸೆಗಳ ಅಭಿವೃದ್ಧಿಯಿಂದಾಗಿ ಇದನ್ನು ಹೆಚ್ಚಾಗಿ ಕೈಬಿಡಲಾಗಿದೆ. • ಭಾರತದ ಮಾನಸಿಕ ಆರೋಗ್ಯ ರಕ್ಷಣಾ ವ್ಯವಸ್ಥೆಯು ಗಮನಾರ್ಹವಾಗಿ ವಿಕಸನಗೊಂಡಿದೆ, ರೋಗಿಯ ಯೋಗಕ್ಷೇಮ ಮತ್ತು ಹಕ್ಕುಗಳಿಗೆ ಆದ್ಯತೆ ನೀಡುವ ಹೆಚ್ಚು ಸಮಗ್ರ ಮತ್ತು ಸಮುದಾಯ ಆಧಾರಿತ ವಿಧಾನಗಳ ಕಡೆಗೆ ಬದಲಾಗುತ್ತಿದೆ.
• ಮಾನಸಿಕ ಆರೋಗ್ಯ ಕಾಯಿದೆಯು ಈ ಬದಲಾವಣೆಯನ್ನು ಪ್ರತಿಬಿಂಬಿಸುತ್ತದೆ, ರೋಗಿಯ ಹಕ್ಕುಗಳನ್ನು, ಒಪ್ಪಿಗೆಯನ್ನು ಮತ್ತು ಹೆಚ್ಚು ಸಹಾನುಭೂತಿಯ ಆರೈಕೆಯನ್ನು ಉತ್ತೇಜಿಸುತ್ತದೆ.
ಸದ್ಯ ಮಾನಸಿಕ ಆರೋಗ್ಯ ಆರೈಕೆಯಲ್ಲಿ ಭಾರತದ ಬದಲಾವಣೆ
• ಸಮುದಾಯ ಆಧಾರಿತ ಆರೈಕೆ: ಭಾರತವು ಮಾನಸಿಕ ಆರೋಗ್ಯ ಆರೈಕೆಗೆ ಸಮುದಾಯ ಆಧಾರಿತ ವಿಧಾನವನ್ನು ಅಳವಡಿಸಿಕೊಂಡಿದೆ, ಸ್ಥಳೀಯ ಆರೋಗ್ಯ ಕಾರ್ಯಕರ್ತರು, ಎನ್‌ಜಿಒಗಳು ಮತ್ತು ಕುಟುಂಬಗಳು ಬೆಂಬಲ ಮತ್ತು ಸೇವೆಗಳನ್ನು ಒದಗಿಸುವಲ್ಲಿ ತೊಡಗಿಸಿಕೊಂಡಿದ್ದಾರೆ. • ಸರ್ಕಾರಿ ಉಪಕ್ರಮಗಳು: ಹೆಚ್ಚು ಸಮಗ್ರ ಚಿಕಿತ್ಸಾ ಯೋಜನೆಗಳನ್ನು ರಚಿಸಲು, ರಾಷ್ಟ್ರೀಯ ಮಾನಸಿಕ ಆರೋಗ್ಯ ಕಾರ್ಯಕ್ರಮದಂತಹ ಸರ್ಕಾರಿ ಉಪಕ್ರಮಗಳು ಮಾನಸಿಕ ಆರೋಗ್ಯ ಸೇವೆಗಳ ಪ್ರವೇಶವನ್ನು ಸುಧಾರಿಸುವ ಗುರಿಯನ್ನು ಹೊಂದಿವೆ. • ತಂತ್ರಜ್ಞಾನ-ಶಕ್ತಗೊಂಡ ಆರೈಕೆ: ಟೆಲಿಸೈಕಿಯಾಟ್ರಿ ಮತ್ತು AI-ಚಾಲಿತ ವೇದಿಕೆಗಳು ಮಾನಸಿಕ ಆರೋಗ್ಯ ಸೇವೆಗಳಿಗೆ ಪ್ರವೇಶವನ್ನು ವಿಸ್ತರಿಸುತ್ತಿವೆ, ವಿಶೇಷವಾಗಿ ಗ್ರಾಮೀಣ ಪ್ರದೇಶಗಳಲ್ಲಿ.
ದೈಹಿಕ ಅಪಾಯಗಳು:
• ಸೋಂಕು: ಯಾವುದೇ ಶಸ್ತ್ರಚಿಕಿತ್ಸಾ ವಿಧಾನದಂತೆ, ಸೋಂಕಿನ ಅಪಾಯವಿದೆ. • ರಕ್ತಸ್ರಾವ: ಕಾರ್ಯವಿಧಾನದ ಸಮಯದಲ್ಲಿ ಅಥವಾ ನಂತರ ರಕ್ತಸ್ರಾವದ ಅಪಾಯ. • ರೋಗಗ್ರಸ್ತವಾಗುವಿಕೆಗಳು: ಕಾರ್ಯವಿಧಾನದ ನಂತರ ಕೆಲವು ರೋಗಿಗಳು ರೋಗಗ್ರಸ್ತವಾಗುವಿಕೆಗಳನ್ನು ಅನುಭವಿಸಬಹುದು.
ಮಾನಸಿಕ ಮತ್ತು ಸಾಮಾಜಿಕ ಪರಿಣಾಮಗಳು:
• ಉತ್ತೇಜನದ ನಷ್ಟ: ರೋಗಿಗಳು ಪ್ರೇರಣೆ ಮತ್ತು ಉಪಕ್ರಮದ ಕೊರತೆಯನ್ನು ಅನುಭವಿಸಬಹುದು, ಇತರರ ಮೇಲೆ ಹೆಚ್ಚು ಅವಲಂಬಿತರಾಗಬಹುದು. • ಸಾಮಾಜಿಕ ಮತ್ತು ಔದ್ಯೋಗಿಕ ಅಪಸಾಮಾನ್ಯ ಕ್ರಿಯೆ: ಸಾಮಾಜಿಕ ಮತ್ತು ಔದ್ಯೋಗಿಕ ಸೆಟ್ಟಿಂಗ್‌ಗಳಲ್ಲಿ ಸಂಬಂಧಗಳನ್ನು ಕಾಪಾಡಿಕೊಳ್ಳುವಲ್ಲಿ ಮತ್ತು ಕಾರ್ಯನಿರ್ವಹಿಸುವಲ್ಲಿ ತೊಂದರೆ. • ಅಪ್ರಕಟಿತ ಹೆಚ್ಚಿದ ಅಪಾಯ: ಕೆಲವು ರೋಗಿಗಳು ಹೆಚ್ಚಿದ ಆಕ್ರಮಣಕಾರಿ ಅಥವಾ ಅನಿಯಂತ್ರಿತ ನಡವಳಿಕೆಗಳನ್ನು ಅನುಭವಿಸಬಹುದು.
ದೀರ್ಘಕಾಲೀನ ಪರಿಣಾಮಗಳು:
• ಬದಲಾಯಿಸಲಾಗದಿರುವಿಕೆ: ಲೋಬೋಟಮಿಯ ಪರಿಣಾಮಗಳು ಹೆಚ್ಚಾಗಿ ಬದಲಾಯಿಸಲಾಗದವು, ಇದು ಹಿಂತಿರುಗುವುದನ್ನು ಅಸಾಧ್ಯವಾಗಿಸುತ್ತದೆ. • ಕಡಿಮೆಯಾದ ಜೀವನದ ಗುಣಮಟ್ಟ: ಕಡಿಮೆಯಾದ ಸ್ವಾಯತ್ತತೆ ಮತ್ತು ಸ್ವಾತಂತ್ರ್ಯ ಸೇರಿದಂತೆ ವ್ಯಕ್ತಿಯ ಜೀವನದ ಗುಣಮಟ್ಟದಲ್ಲಿ ಗಮನಾರ್ಹ ಬದಲಾವಣೆಗಳು. ಗಮನಾರ್ಹ ಅಪಾಯಗಳು ಮತ್ತು ಅಡ್ಡಪರಿಣಾಮಗಳನ್ನು ನೀಡಿದರೆ, ಲೋಬೋಟಮಿ ಇನ್ನು ಮುಂದೆ ಮಾನಸಿಕ ಆರೋಗ್ಯ ಸ್ಥಿತಿಗಳಿಗೆ ವ್ಯಾಪಕವಾಗಿ ಅಂಗೀಕರಿಸಲ್ಪಟ್ಟ ಚಿಕಿತ್ಸೆಯಾಗಿಲ್ಲ. ಆಧುನಿಕ ವಿಧಾನಗಳು ಹೆಚ್ಚು ಪರಿಣಾಮಕಾರಿ ಮತ್ತು ಕಡಿಮೆ ಹಾನಿಕಾರಕ ಪರ್ಯಾಯಗಳನ್ನು ನೀಡುತ್ತವೆ.
K
Y
M
C
C M Y K
